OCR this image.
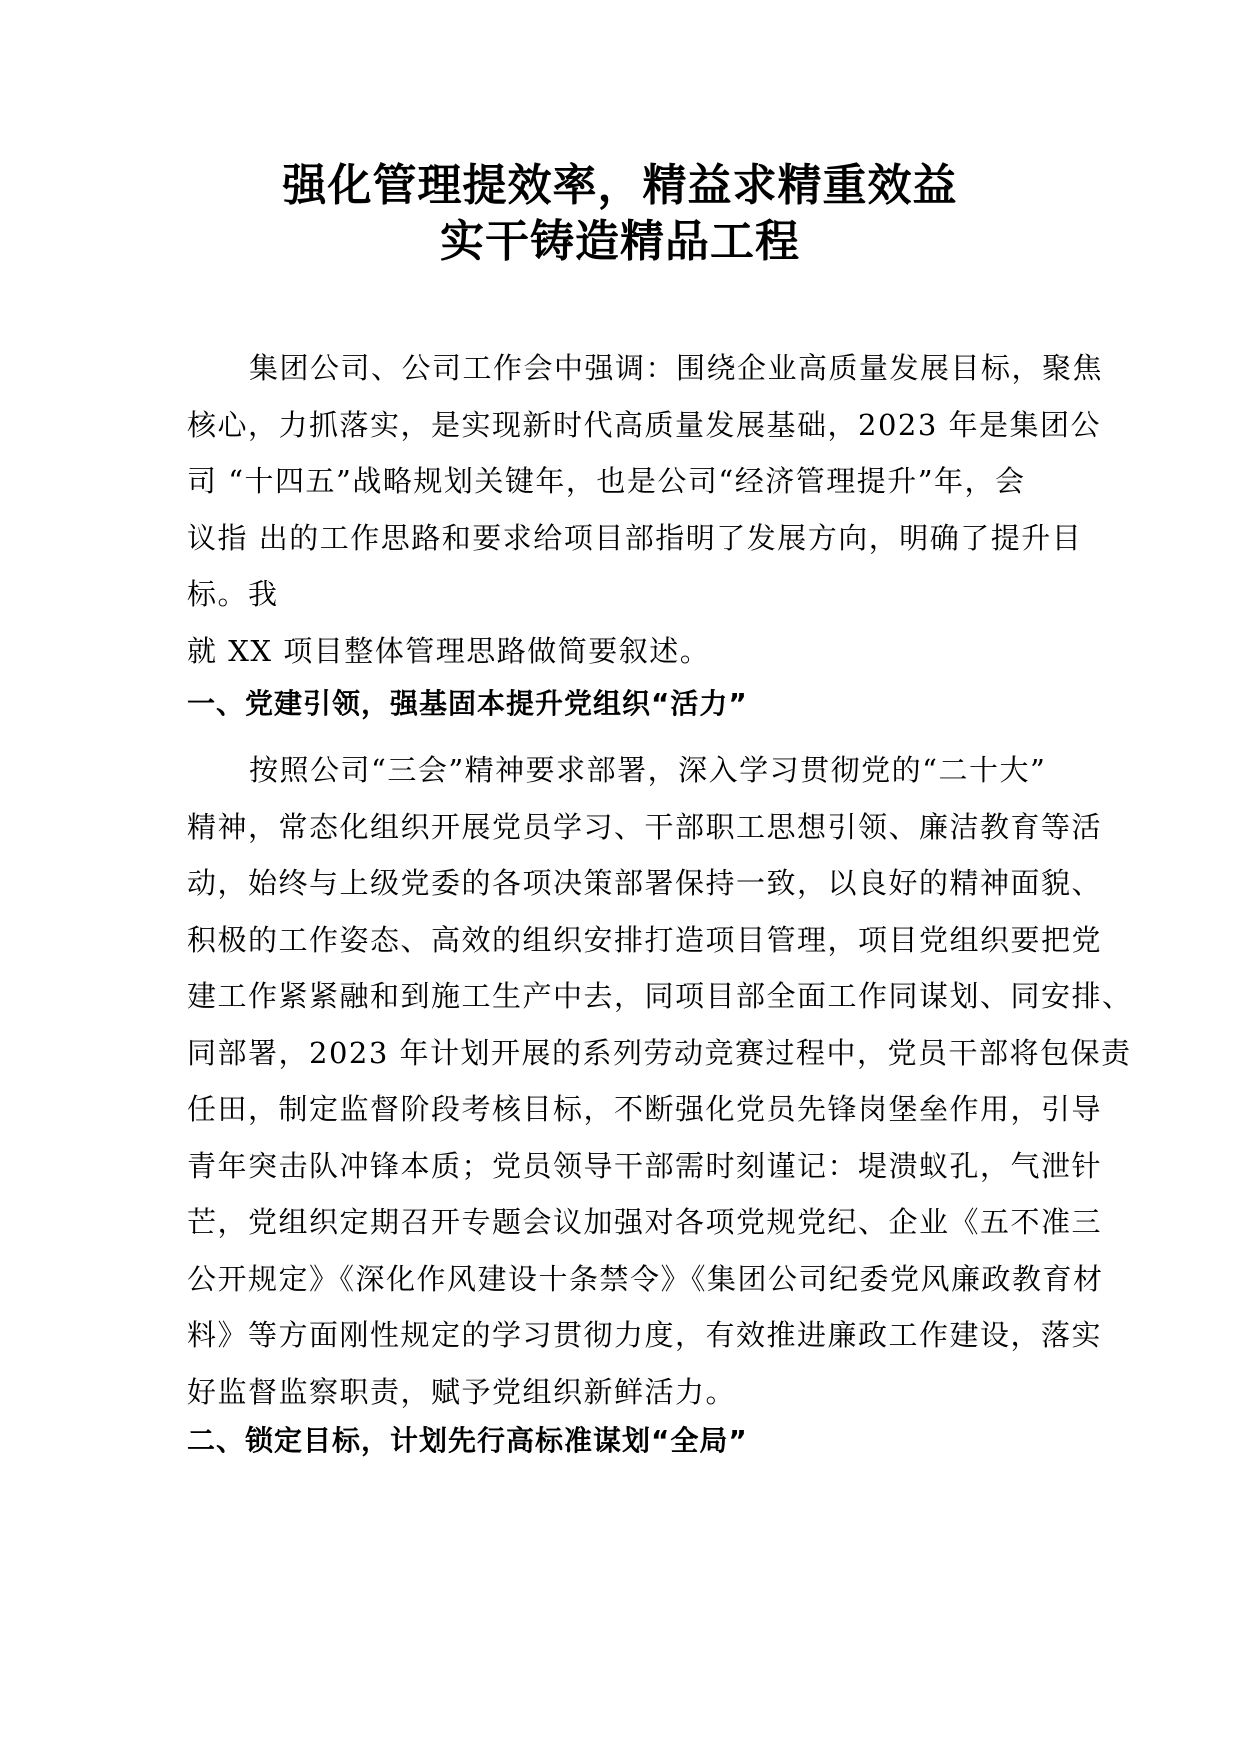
强化管理提效率，精益求精重效益
实干铸造精品工程
集团公司、公司工作会中强调：围绕企业高质量发展目标，聚焦
核心，力抓落实，是实现新时代高质量发展基础，2023 年是集团公
司 “十四五”战略规划关键年，也是公司“经济管理提升”年，会
议指 出的工作思路和要求给项目部指明了发展方向，明确了提升目
标。我
就 XX 项目整体管理思路做简要叙述。
一、党建引领，强基固本提升党组织“活力”
按照公司“三会”精神要求部署，深入学习贯彻党的“二十大”
精神，常态化组织开展党员学习、干部职工思想引领、廉洁教育等活
动，始终与上级党委的各项决策部署保持一致，以良好的精神面貌、
积极的工作姿态、高效的组织安排打造项目管理，项目党组织要把党
建工作紧紧融和到施工生产中去，同项目部全面工作同谋划、同安排、
同部署，2023 年计划开展的系列劳动竞赛过程中，党员干部将包保责
任田，制定监督阶段考核目标，不断强化党员先锋岗堡垒作用，引导
青年突击队冲锋本质；党员领导干部需时刻谨记：堤溃蚁孔，气泄针
芒，党组织定期召开专题会议加强对各项党规党纪、企业《五不准三
公开规定》《深化作风建设十条禁令》《集团公司纪委党风廉政教育材
料》等方面刚性规定的学习贯彻力度，有效推进廉政工作建设，落实
好监督监察职责，赋予党组织新鲜活力。
二、锁定目标，计划先行高标准谋划“全局”
